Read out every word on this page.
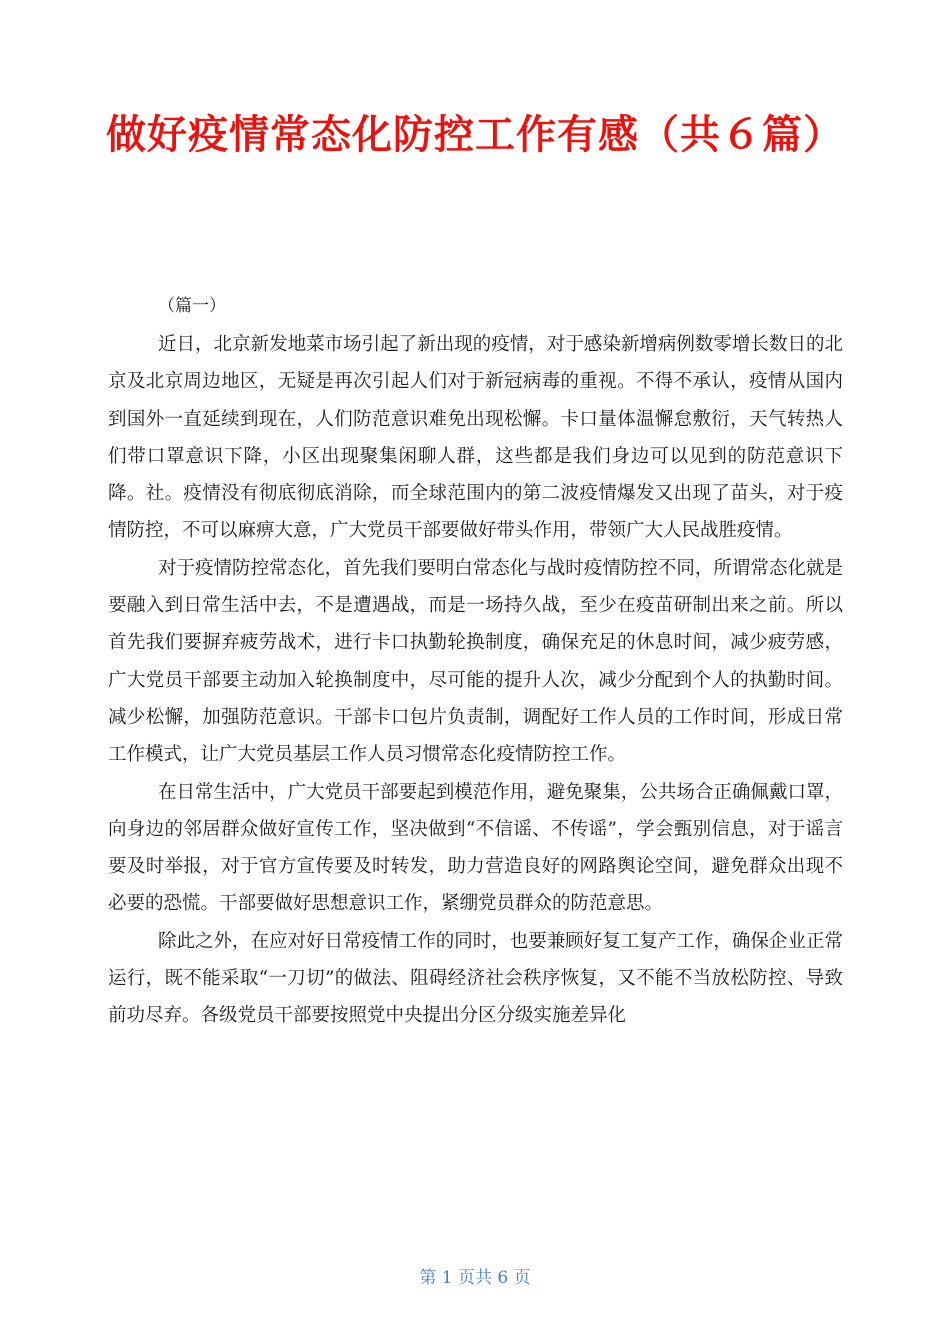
做好疫情常态化防控工作有感（共６篇）

（篇一）

近日，北京新发地菜市场引起了新出现的疫情，对于感染新增病例数零增长数日的北京及北京周边地区，无疑是再次引起人们对于新冠病毒的重视。不得不承认，疫情从国内到国外一直延续到现在，人们防范意识难免出现松懈。卡口量体温懈怠敷衍，天气转热人们带口罩意识下降，小区出现聚集闲聊人群，这些都是我们身边可以见到的防范意识下降。社。疫情没有彻底彻底消除，而全球范围内的第二波疫情爆发又出现了苗头，对于疫情防控，不可以麻痹大意，广大党员干部要做好带头作用，带领广大人民战胜疫情。

对于疫情防控常态化，首先我们要明白常态化与战时疫情防控不同，所谓常态化就是要融入到日常生活中去，不是遭遇战，而是一场持久战，至少在疫苗研制出来之前。所以首先我们要摒弃疲劳战术，进行卡口执勤轮换制度，确保充足的休息时间，减少疲劳感，广大党员干部要主动加入轮换制度中，尽可能的提升人次，减少分配到个人的执勤时间。减少松懈，加强防范意识。干部卡口包片负责制，调配好工作人员的工作时间，形成日常工作模式，让广大党员基层工作人员习惯常态化疫情防控工作。

在日常生活中，广大党员干部要起到模范作用，避免聚集，公共场合正确佩戴口罩，向身边的邻居群众做好宣传工作，坚决做到“不信谣、不传谣”，学会甄别信息，对于谣言要及时举报，对于官方宣传要及时转发，助力营造良好的网路舆论空间，避免群众出现不必要的恐慌。干部要做好思想意识工作，紧绷党员群众的防范意思。

除此之外，在应对好日常疫情工作的同时，也要兼顾好复工复产工作，确保企业正常运行，既不能采取“一刀切”的做法、阻碍经济社会秩序恢复，又不能不当放松防控、导致前功尽弃。各级党员干部要按照党中央提出分区分级实施差异化

第 1 页共 6 页
